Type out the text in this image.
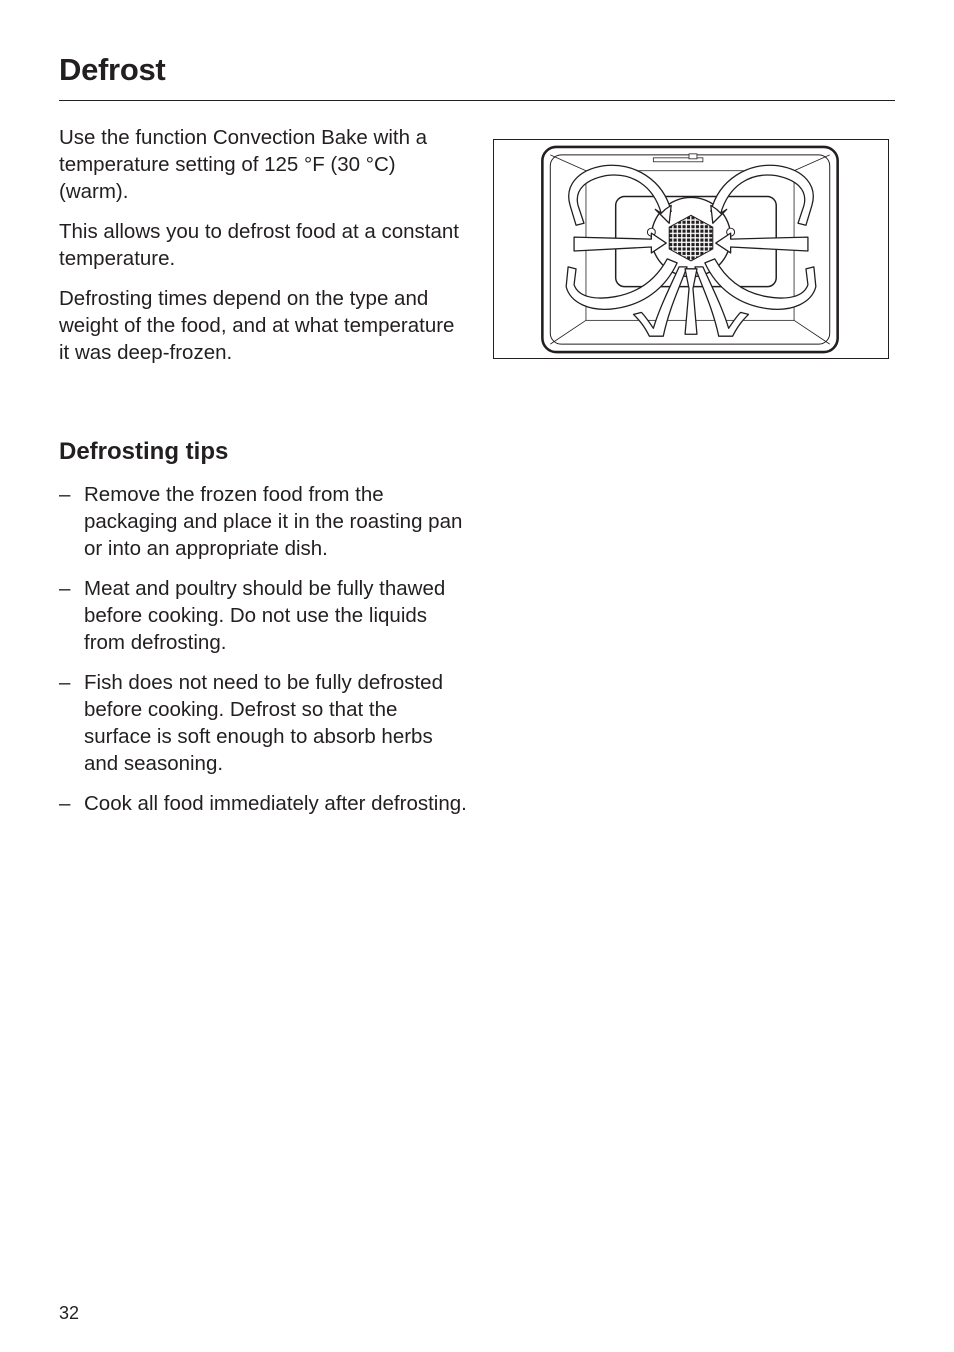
Defrost

Use the function Convection Bake with a temperature setting of 125 °F (30 °C) (warm).

This allows you to defrost food at a constant temperature.

Defrosting times depend on the type and weight of the food, and at what temperature it was deep-frozen.

Defrosting tips
– Remove the frozen food from the packaging and place it in the roasting pan or into an appropriate dish.
– Meat and poultry should be fully thawed before cooking. Do not use the liquids from defrosting.
– Fish does not need to be fully defrosted before cooking. Defrost so that the surface is soft enough to absorb herbs and seasoning.
– Cook all food immediately after defrosting.
32
